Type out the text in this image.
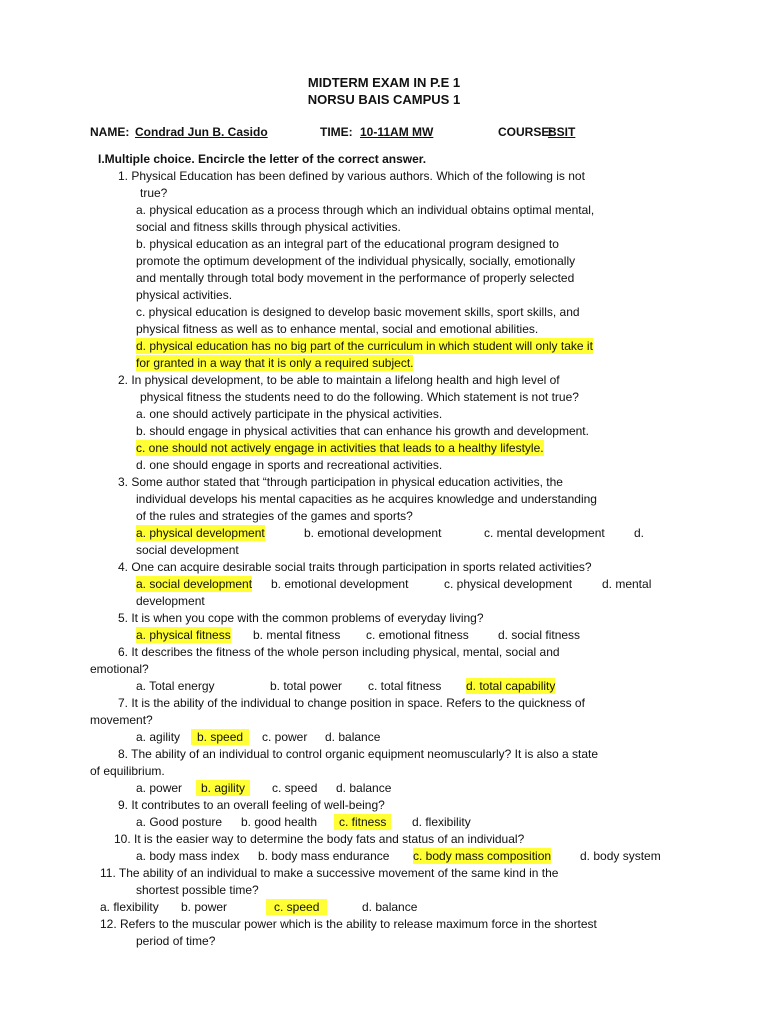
MIDTERM EXAM IN P.E 1
NORSU BAIS CAMPUS 1
NAME: Condrad Jun B. Casido	TIME: 10-11AM MW	COURSE:
BSIT
I.Multiple choice. Encircle the letter of the correct answer.
1. Physical Education has been defined by various authors. Which of the following is not
true?
a. physical education as a process through which an individual obtains optimal mental,
social and fitness skills through physical activities.
b. physical education as an integral part of the educational program designed to
promote the optimum development of the individual physically, socially, emotionally
and mentally through total body movement in the performance of properly selected
physical activities.
c. physical education is designed to develop basic movement skills, sport skills, and
physical fitness as well as to enhance mental, social and emotional abilities.
d. physical education has no big part of the curriculum in which student will only take it
for granted in a way that it is only a required subject.
2. In physical development, to be able to maintain a lifelong health and high level of
physical fitness the students need to do the following. Which statement is not true?
a. one should actively participate in the physical activities.
b. should engage in physical activities that can enhance his growth and development.
c. one should not actively engage in activities that leads to a healthy lifestyle.
d. one should engage in sports and recreational activities.
3. Some author stated that “through participation in physical education activities, the
individual develops his mental capacities as he acquires knowledge and understanding
of the rules and strategies of the games and sports?
a. physical development	b. emotional development	c. mental development d.
social development
4. One can acquire desirable social traits through participation in sports related activities?
a. social development b. emotional development	c. physical development d. mental
development
5. It is when you cope with the common problems of everyday living?
a. physical fitness b. mental fitness c. emotional fitness d. social fitness
6. It describes the fitness of the whole person including physical, mental, social and
emotional?
a. Total energy	b. total power c. total fitness d. total capability
7. It is the ability of the individual to change position in space. Refers to the quickness of
movement?
a. agility	b. speed	c. power d. balance
8. The ability of an individual to control organic equipment neomuscularly? It is also a state
of equilibrium.
a. power	b. agility	c. speed d. balance
9. It contributes to an overall feeling of well-being?
a. Good posture b. good health	c. fitness	d. flexibility
10. It is the easier way to determine the body fats and status of an individual?
a. body mass index b. body mass endurance c. body mass composition d. body system
11. The ability of an individual to make a successive movement of the same kind in the
shortest possible time?
a. flexibility b. power	c. speed	d. balance
12. Refers to the muscular power which is the ability to release maximum force in the shortest
period of time?
